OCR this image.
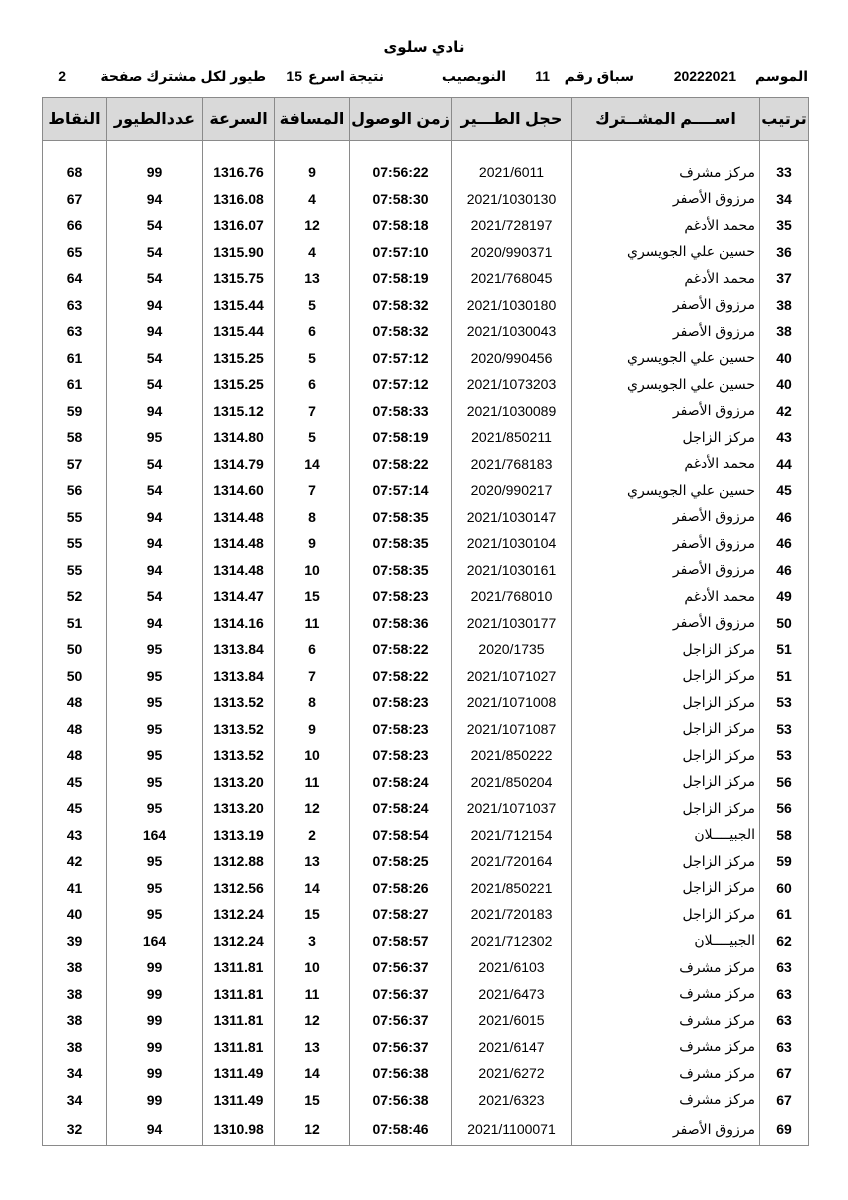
نادي سلوى
الموسم
20222021
سباق رقم
11
النويصيب
نتيجة اسرع
15
طيور لكل مشترك صفحة
2
ترتيب	اســــم المشــترك	حجل الطـــير	زمن الوصول	المسافة	السرعة	عددالطيور	النقاط

33	مركز مشرف	2021/6011	07:56:22	9	1316.76	99	68
34	مرزوق الأصفر	2021/1030130	07:58:30	4	1316.08	94	67
35	محمد الأدغم	2021/728197	07:58:18	12	1316.07	54	66
36	حسين علي الجويسري	2020/990371	07:57:10	4	1315.90	54	65
37	محمد الأدغم	2021/768045	07:58:19	13	1315.75	54	64
38	مرزوق الأصفر	2021/1030180	07:58:32	5	1315.44	94	63
38	مرزوق الأصفر	2021/1030043	07:58:32	6	1315.44	94	63
40	حسين علي الجويسري	2020/990456	07:57:12	5	1315.25	54	61
40	حسين علي الجويسري	2021/1073203	07:57:12	6	1315.25	54	61
42	مرزوق الأصفر	2021/1030089	07:58:33	7	1315.12	94	59
43	مركز الزاجل	2021/850211	07:58:19	5	1314.80	95	58
44	محمد الأدغم	2021/768183	07:58:22	14	1314.79	54	57
45	حسين علي الجويسري	2020/990217	07:57:14	7	1314.60	54	56
46	مرزوق الأصفر	2021/1030147	07:58:35	8	1314.48	94	55
46	مرزوق الأصفر	2021/1030104	07:58:35	9	1314.48	94	55
46	مرزوق الأصفر	2021/1030161	07:58:35	10	1314.48	94	55
49	محمد الأدغم	2021/768010	07:58:23	15	1314.47	54	52
50	مرزوق الأصفر	2021/1030177	07:58:36	11	1314.16	94	51
51	مركز الزاجل	2020/1735	07:58:22	6	1313.84	95	50
51	مركز الزاجل	2021/1071027	07:58:22	7	1313.84	95	50
53	مركز الزاجل	2021/1071008	07:58:23	8	1313.52	95	48
53	مركز الزاجل	2021/1071087	07:58:23	9	1313.52	95	48
53	مركز الزاجل	2021/850222	07:58:23	10	1313.52	95	48
56	مركز الزاجل	2021/850204	07:58:24	11	1313.20	95	45
56	مركز الزاجل	2021/1071037	07:58:24	12	1313.20	95	45
58	الجبيــــلان	2021/712154	07:58:54	2	1313.19	164	43
59	مركز الزاجل	2021/720164	07:58:25	13	1312.88	95	42
60	مركز الزاجل	2021/850221	07:58:26	14	1312.56	95	41
61	مركز الزاجل	2021/720183	07:58:27	15	1312.24	95	40
62	الجبيــــلان	2021/712302	07:58:57	3	1312.24	164	39
63	مركز مشرف	2021/6103	07:56:37	10	1311.81	99	38
63	مركز مشرف	2021/6473	07:56:37	11	1311.81	99	38
63	مركز مشرف	2021/6015	07:56:37	12	1311.81	99	38
63	مركز مشرف	2021/6147	07:56:37	13	1311.81	99	38
67	مركز مشرف	2021/6272	07:56:38	14	1311.49	99	34
67	مركز مشرف	2021/6323	07:56:38	15	1311.49	99	34
69	مرزوق الأصفر	2021/1100071	07:58:46	12	1310.98	94	32
